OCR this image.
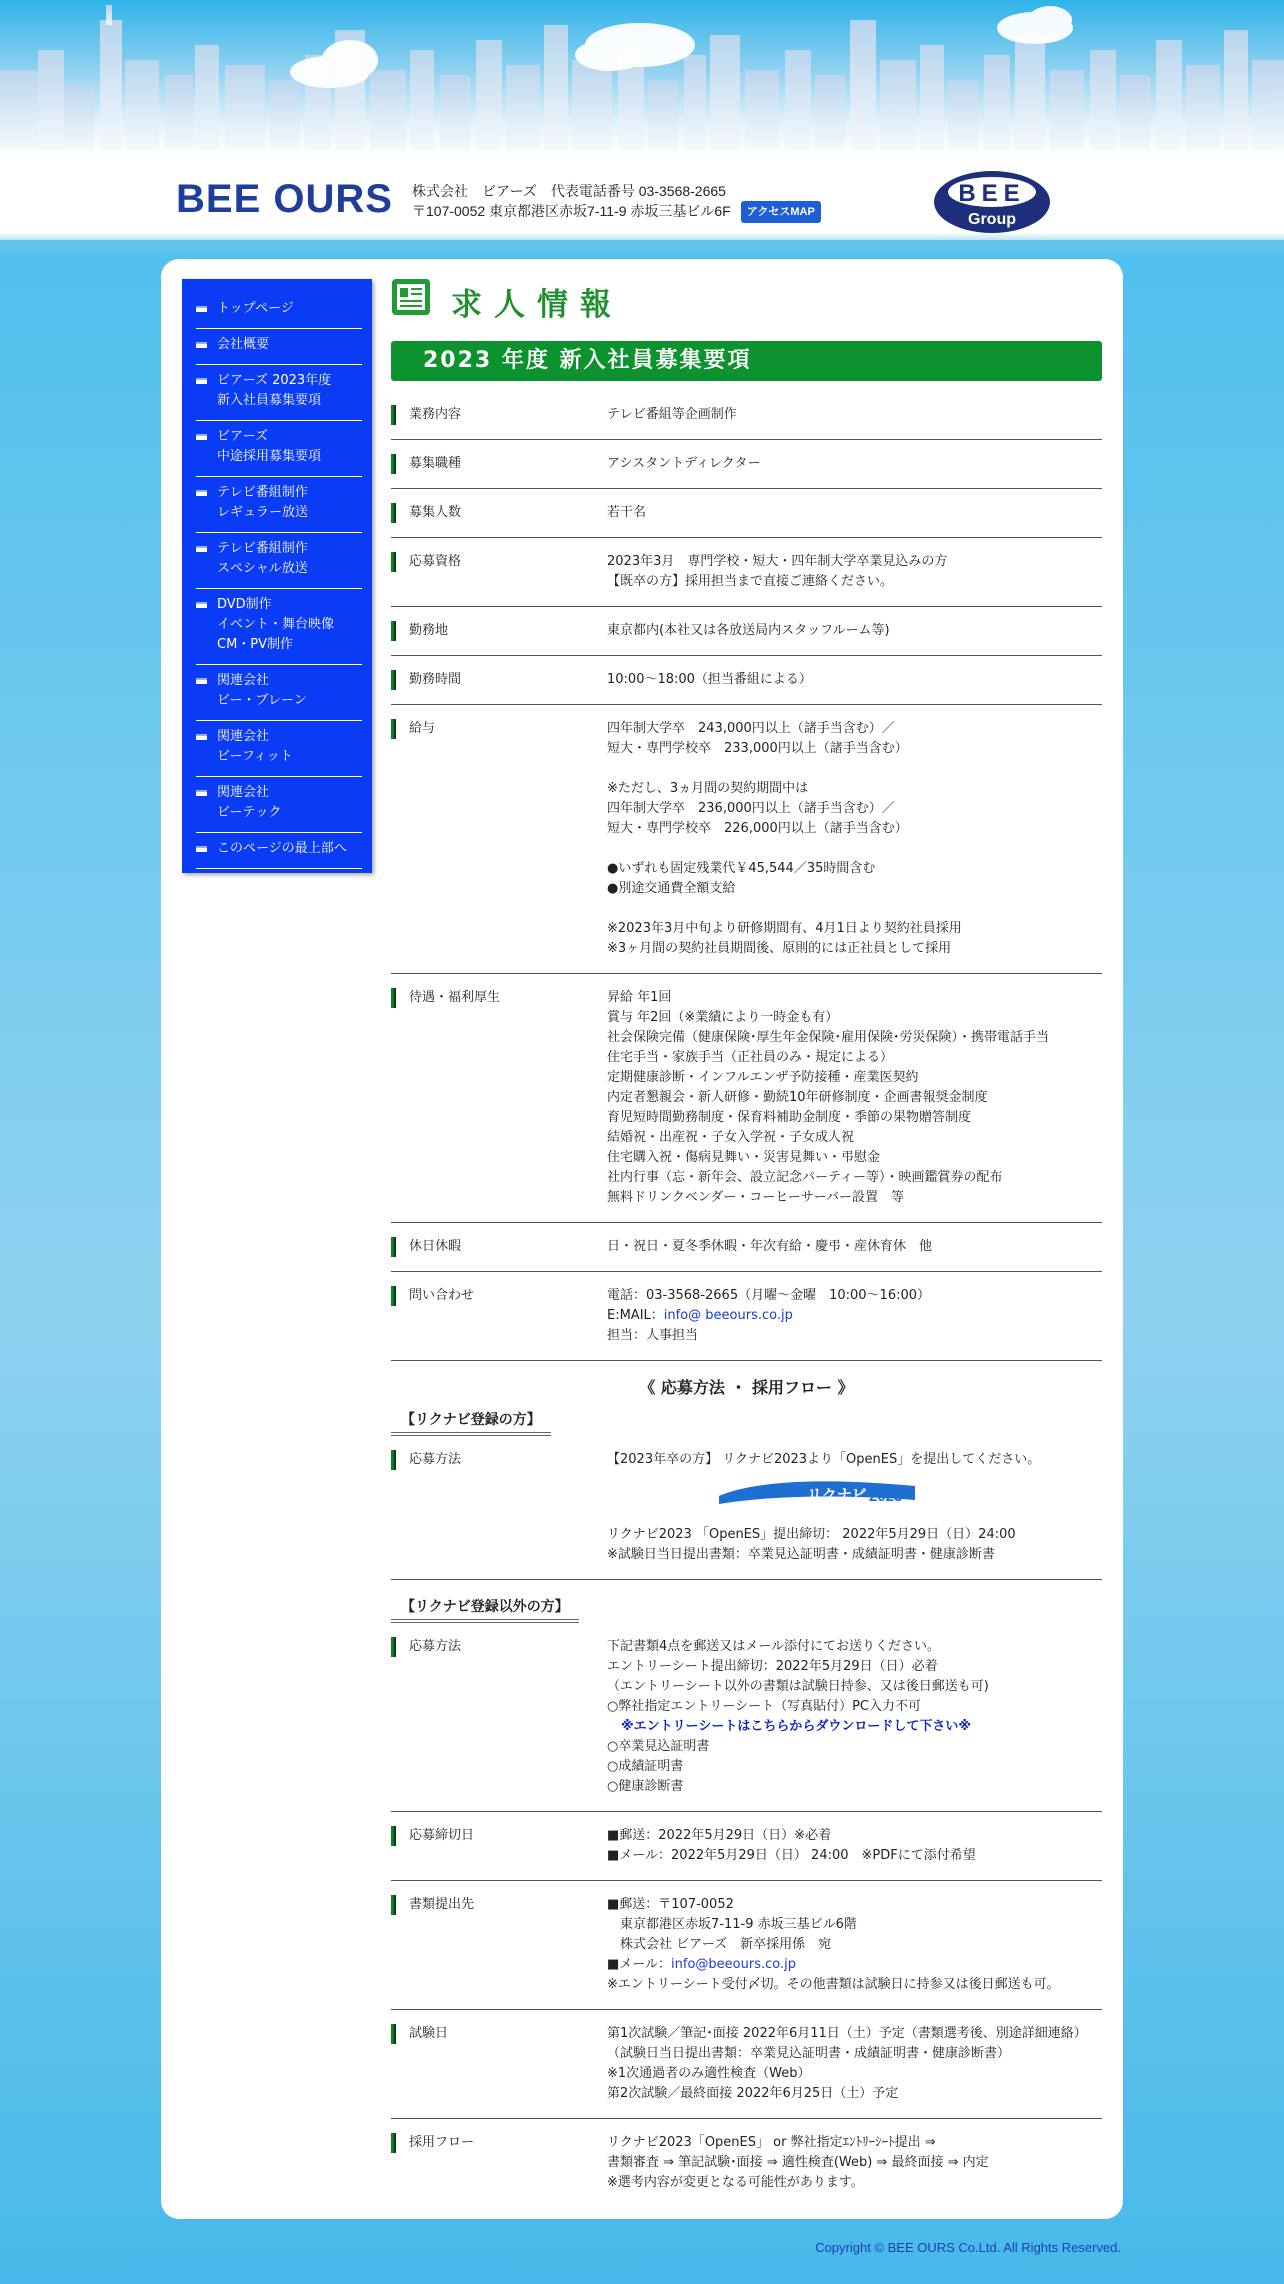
BEE OURS 株式会社　ビアーズ　代表電話番号 03-3568-2665
〒107-0052 東京都港区赤坂7-11-9 赤坂三基ビル6F アクセスMAP
BEE
Group
トップページ
会社概要
ビアーズ 2023年度
新入社員募集要項
ビアーズ
中途採用募集要項
テレビ番組制作
レギュラー放送
テレビ番組制作
スペシャル放送
DVD制作
イベント・舞台映像
CM・PV制作
関連会社
ビー・ブレーン
関連会社
ビーフィット
関連会社
ビーテック
このページの最上部へ
求人情報
2023 年度 新入社員募集要項
業務内容	テレビ番組等企画制作
募集職種	アシスタントディレクター
募集人数	若干名
応募資格	2023年3月　専門学校・短大・四年制大学卒業見込みの方
【既卒の方】採用担当まで直接ご連絡ください。
勤務地	東京都内(本社又は各放送局内スタッフルーム等)
勤務時間	10:00〜18:00（担当番組による）
給与	四年制大学卒　243,000円以上（諸手当含む）／
短大・専門学校卒　233,000円以上（諸手当含む）

※ただし、3ヵ月間の契約期間中は
四年制大学卒　236,000円以上（諸手当含む）／
短大・専門学校卒　226,000円以上（諸手当含む）

●いずれも固定残業代￥45,544／35時間含む
●別途交通費全額支給

※2023年3月中旬より研修期間有、4月1日より契約社員採用
※3ヶ月間の契約社員期間後、原則的には正社員として採用
待遇・福利厚生	昇給 年1回
賞与 年2回（※業績により一時金も有）
社会保険完備（健康保険･厚生年金保険･雇用保険･労災保険）・携帯電話手当
住宅手当・家族手当（正社員のみ・規定による）
定期健康診断・インフルエンザ予防接種・産業医契約
内定者懇親会・新人研修・勤続10年研修制度・企画書報奨金制度
育児短時間勤務制度・保育料補助金制度・季節の果物贈答制度
結婚祝・出産祝・子女入学祝・子女成人祝
住宅購入祝・傷病見舞い・災害見舞い・弔慰金
社内行事（忘・新年会、設立記念パーティー等）・映画鑑賞券の配布
無料ドリンクベンダー・コーヒーサーバー設置　等
休日休暇	日・祝日・夏冬季休暇・年次有給・慶弔・産休育休　他
問い合わせ	電話：03-3568-2665（月曜～金曜　10:00～16:00）
E:MAIL：info@ beeours.co.jp
担当：人事担当
《 応募方法 ・ 採用フロー 》
【リクナビ登録の方】
応募方法	【2023年卒の方】 リクナビ2023より「OpenES」を提出してください。
リクナビ 2023
リクナビ2023 「OpenES」提出締切： 2022年5月29日（日）24:00
※試験日当日提出書類：卒業見込証明書・成績証明書・健康診断書
【リクナビ登録以外の方】
応募方法	下記書類4点を郵送又はメール添付にてお送りください。
エントリーシート提出締切：2022年5月29日（日）必着
（エントリーシート以外の書類は試験日持参、又は後日郵送も可)
○弊社指定エントリーシート（写真貼付）PC入力不可
※エントリーシートはこちらからダウンロードして下さい※
○卒業見込証明書
○成績証明書
○健康診断書
応募締切日	■郵送：2022年5月29日（日）※必着
■メール：2022年5月29日（日） 24:00　※PDFにて添付希望
書類提出先	■郵送：〒107-0052
　東京都港区赤坂7-11-9 赤坂三基ビル6階
　株式会社 ビアーズ　新卒採用係　宛
■メール：info@beeours.co.jp
※エントリーシート受付〆切。その他書類は試験日に持参又は後日郵送も可。
試験日	第1次試験／筆記･面接 2022年6月11日（土）予定（書類選考後、別途詳細連絡）
（試験日当日提出書類：卒業見込証明書・成績証明書・健康診断書）
※1次通過者のみ適性検査（Web）
第2次試験／最終面接 2022年6月25日（土）予定
採用フロー	リクナビ2023「OpenES」 or 弊社指定ｴﾝﾄﾘｰｼｰﾄ提出 ⇒
書類審査 ⇒ 筆記試験･面接 ⇒ 適性検査(Web) ⇒ 最終面接 ⇒ 内定
※選考内容が変更となる可能性があります。
Copyright © BEE OURS Co.Ltd. All Rights Reserved.
